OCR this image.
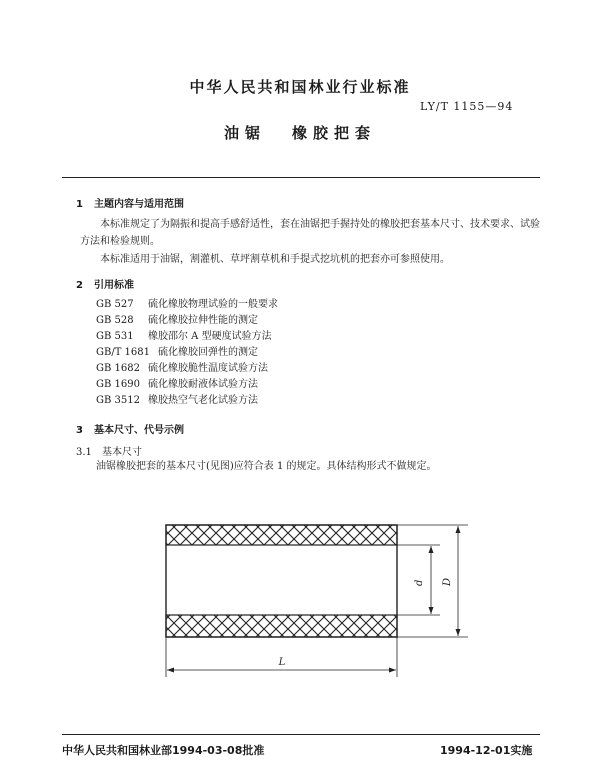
中华人民共和国林业行业标准
LY/T 1155—94
油锯 橡胶把套
1 主题内容与适用范围
本标准规定了为隔振和提高手感舒适性，套在油锯把手握持处的橡胶把套基本尺寸、技术要求、试验方法和检验规则。
本标准适用于油锯，割灌机、草坪割草机和手提式挖坑机的把套亦可参照使用。
2 引用标准
GB 527 硫化橡胶物理试验的一般要求
GB 528 硫化橡胶拉伸性能的测定
GB 531 橡胶邵尔 A 型硬度试验方法
GB/T 1681 硫化橡胶回弹性的测定
GB 1682 硫化橡胶脆性温度试验方法
GB 1690 硫化橡胶耐液体试验方法
GB 3512 橡胶热空气老化试验方法
3 基本尺寸、代号示例
3.1 基本尺寸
油锯橡胶把套的基本尺寸(见图)应符合表 1 的规定。具体结构形式不做规定。
d D
L
中华人民共和国林业部1994-03-08批准	1994-12-01实施
